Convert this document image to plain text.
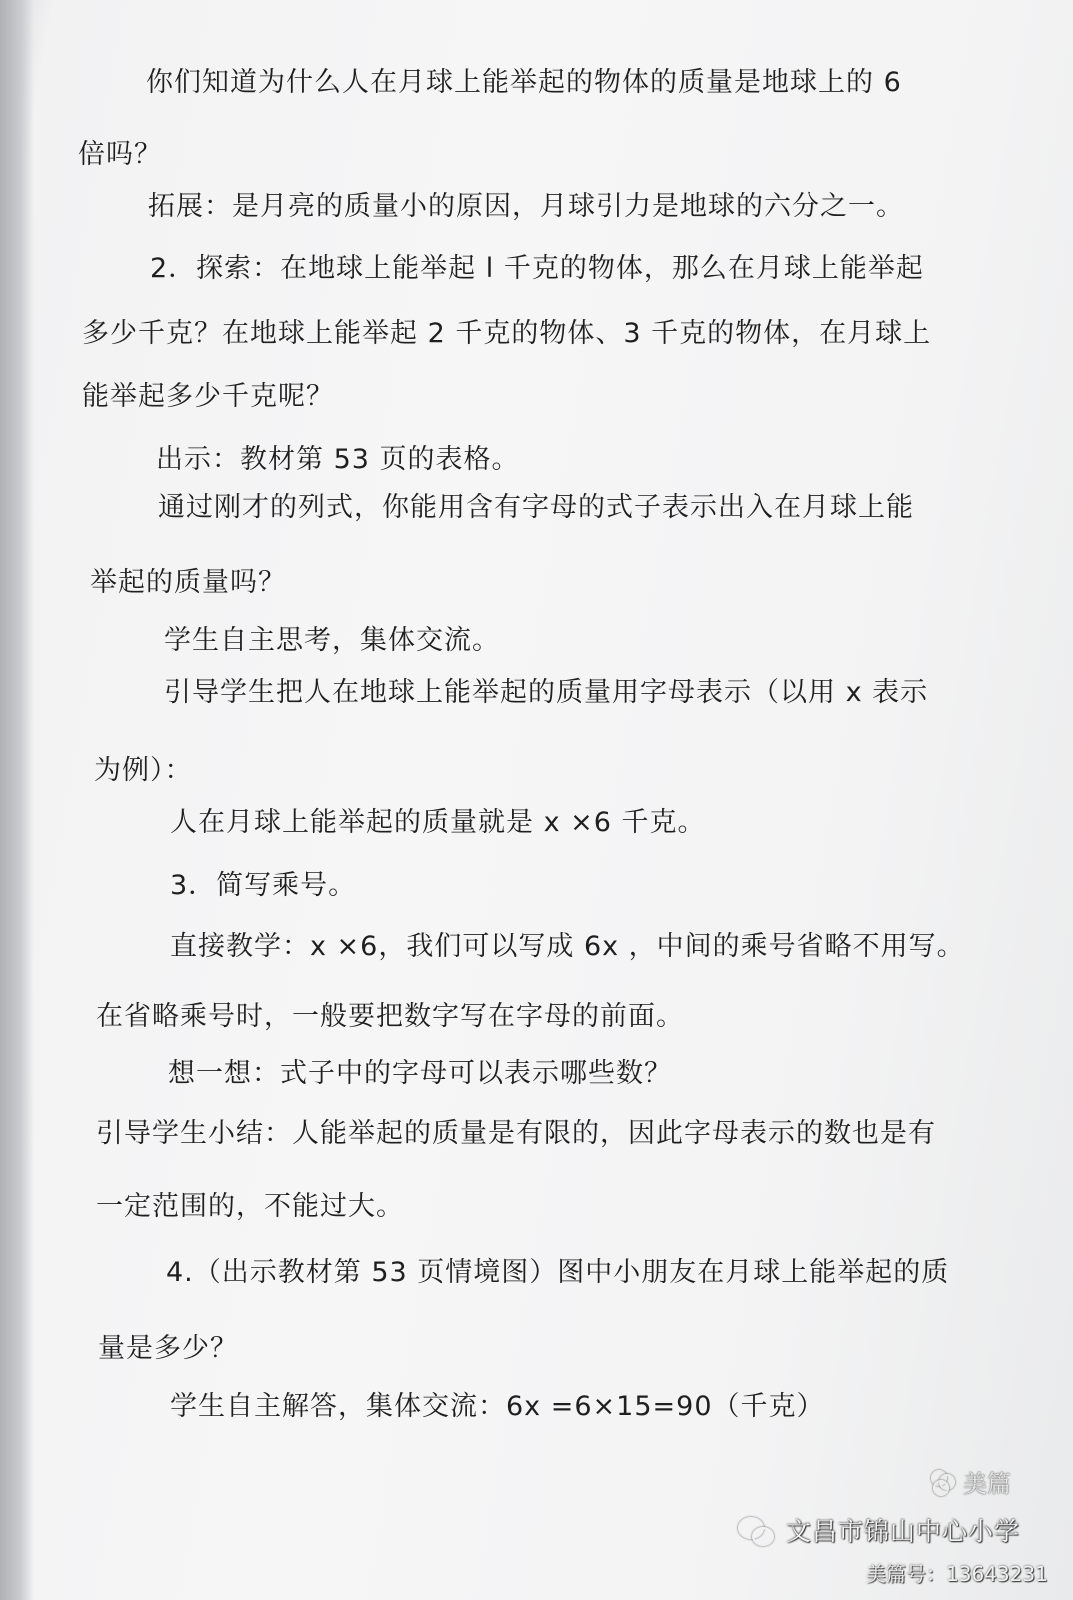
你们知道为什么人在月球上能举起的物体的质量是地球上的 6
倍吗？
拓展：是月亮的质量小的原因，月球引力是地球的六分之一。
2．探索：在地球上能举起 l 千克的物体，那么在月球上能举起
多少千克？在地球上能举起 2 千克的物体、3 千克的物体，在月球上
能举起多少千克呢？
出示：教材第 53 页的表格。
通过刚才的列式，你能用含有字母的式子表示出入在月球上能
举起的质量吗？
学生自主思考，集体交流。
引导学生把人在地球上能举起的质量用字母表示（以用 x 表示
为例）：
人在月球上能举起的质量就是 x ×6 千克。
3．简写乘号。
直接教学：x ×6，我们可以写成 6x ，中间的乘号省略不用写。
在省略乘号时，一般要把数字写在字母的前面。
想一想：式子中的字母可以表示哪些数？
引导学生小结：人能举起的质量是有限的，因此字母表示的数也是有
一定范围的，不能过大。
4.（出示教材第 53 页情境图）图中小朋友在月球上能举起的质
量是多少？
学生自主解答，集体交流：6x =6×15=90（千克）
美篇
文昌市锦山中心小学
美篇号：13643231
